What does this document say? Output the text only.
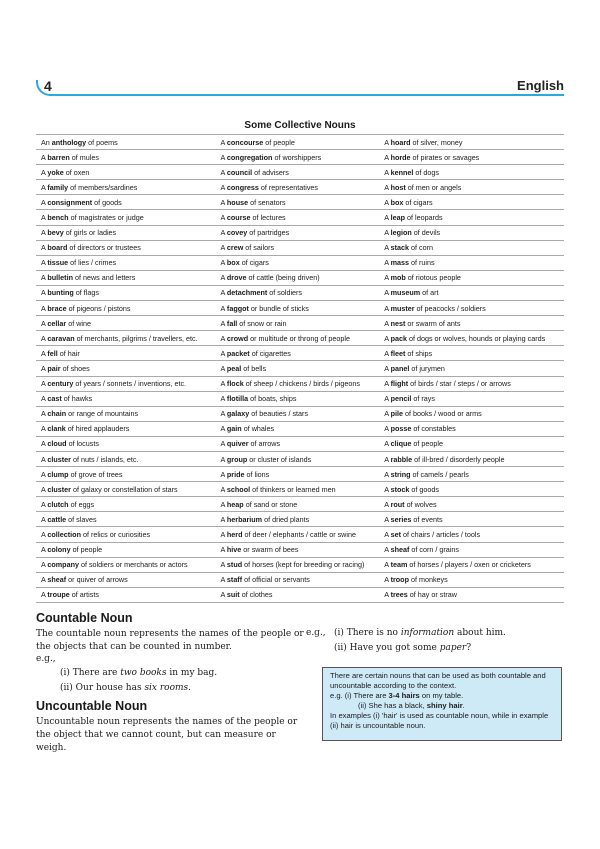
4	English
Some Collective Nouns
An anthology of poems	A concourse of people	A hoard of silver, money
A barren of mules	A congregation of worshippers	A horde of pirates or savages
A yoke of oxen	A council of advisers	A kennel of dogs
A family of members/sardines	A congress of representatives	A host of men or angels
A consignment of goods	A house of senators	A box of cigars
A bench of magistrates or judge	A course of lectures	A leap of leopards
A bevy of girls or ladies	A covey of partridges	A legion of devils
A board of directors or trustees	A crew of sailors	A stack of corn
A tissue of lies / crimes	A box of cigars	A mass of ruins
A bulletin of news and letters	A drove of cattle (being driven)	A mob of riotous people
A bunting of flags	A detachment of soldiers	A museum of art
A brace of pigeons / pistons	A faggot or bundle of sticks	A muster of peacocks / soldiers
A cellar of wine	A fall of snow or rain	A nest or swarm of ants
A caravan of merchants, pilgrims / travellers, etc.	A crowd or multitude or throng of people	A pack of dogs or wolves, hounds or playing cards
A fell of hair	A packet of cigarettes	A fleet of ships
A pair of shoes	A peal of bells	A panel of jurymen
A century of years / sonnets / inventions, etc.	A flock of sheep / chickens / birds / pigeons	A flight of birds / star / steps / or arrows
A cast of hawks	A flotilla of boats, ships	A pencil of rays
A chain or range of mountains	A galaxy of beauties / stars	A pile of books / wood or arms
A clank of hired applauders	A gain of whales	A posse of constables
A cloud of locusts	A quiver of arrows	A clique of people
A cluster of nuts / islands, etc.	A group or cluster of islands	A rabble of ill-bred / disorderly people
A clump of grove of trees	A pride of lions	A string of camels / pearls
A cluster of galaxy or constellation of stars	A school of thinkers or learned men	A stock of goods
A clutch of eggs	A heap of sand or stone	A rout of wolves
A cattle of slaves	A herbarium of dried plants	A series of events
A collection of relics or curiosities	A herd of deer / elephants / cattle or swine	A set of chairs / articles / tools
A colony of people	A hive or swarm of bees	A sheaf of corn / grains
A company of soldiers or merchants or actors	A stud of horses (kept for breeding or racing)	A team of horses / players / oxen or cricketers
A sheaf or quiver of arrows	A staff of official or servants	A troop of monkeys
A troupe of artists	A suit of clothes	A trees of hay or straw
Countable Noun
The countable noun represents the names of the people or the objects that can be counted in number.
e.g.,
(i) There are two books in my bag.
(ii) Our house has six rooms.
Uncountable Noun
Uncountable noun represents the names of the people or the object that we cannot count, but can measure or weigh.
e.g., (i) There is no information about him.
(ii) Have you got some paper?

There are certain nouns that can be used as both countable and uncountable according to the context.

e.g. (i) There are 3-4 hairs on my table.

(ii) She has a black, shiny hair.

In examples (i) 'hair' is used as countable noun, while in example (ii) hair is uncountable noun.
